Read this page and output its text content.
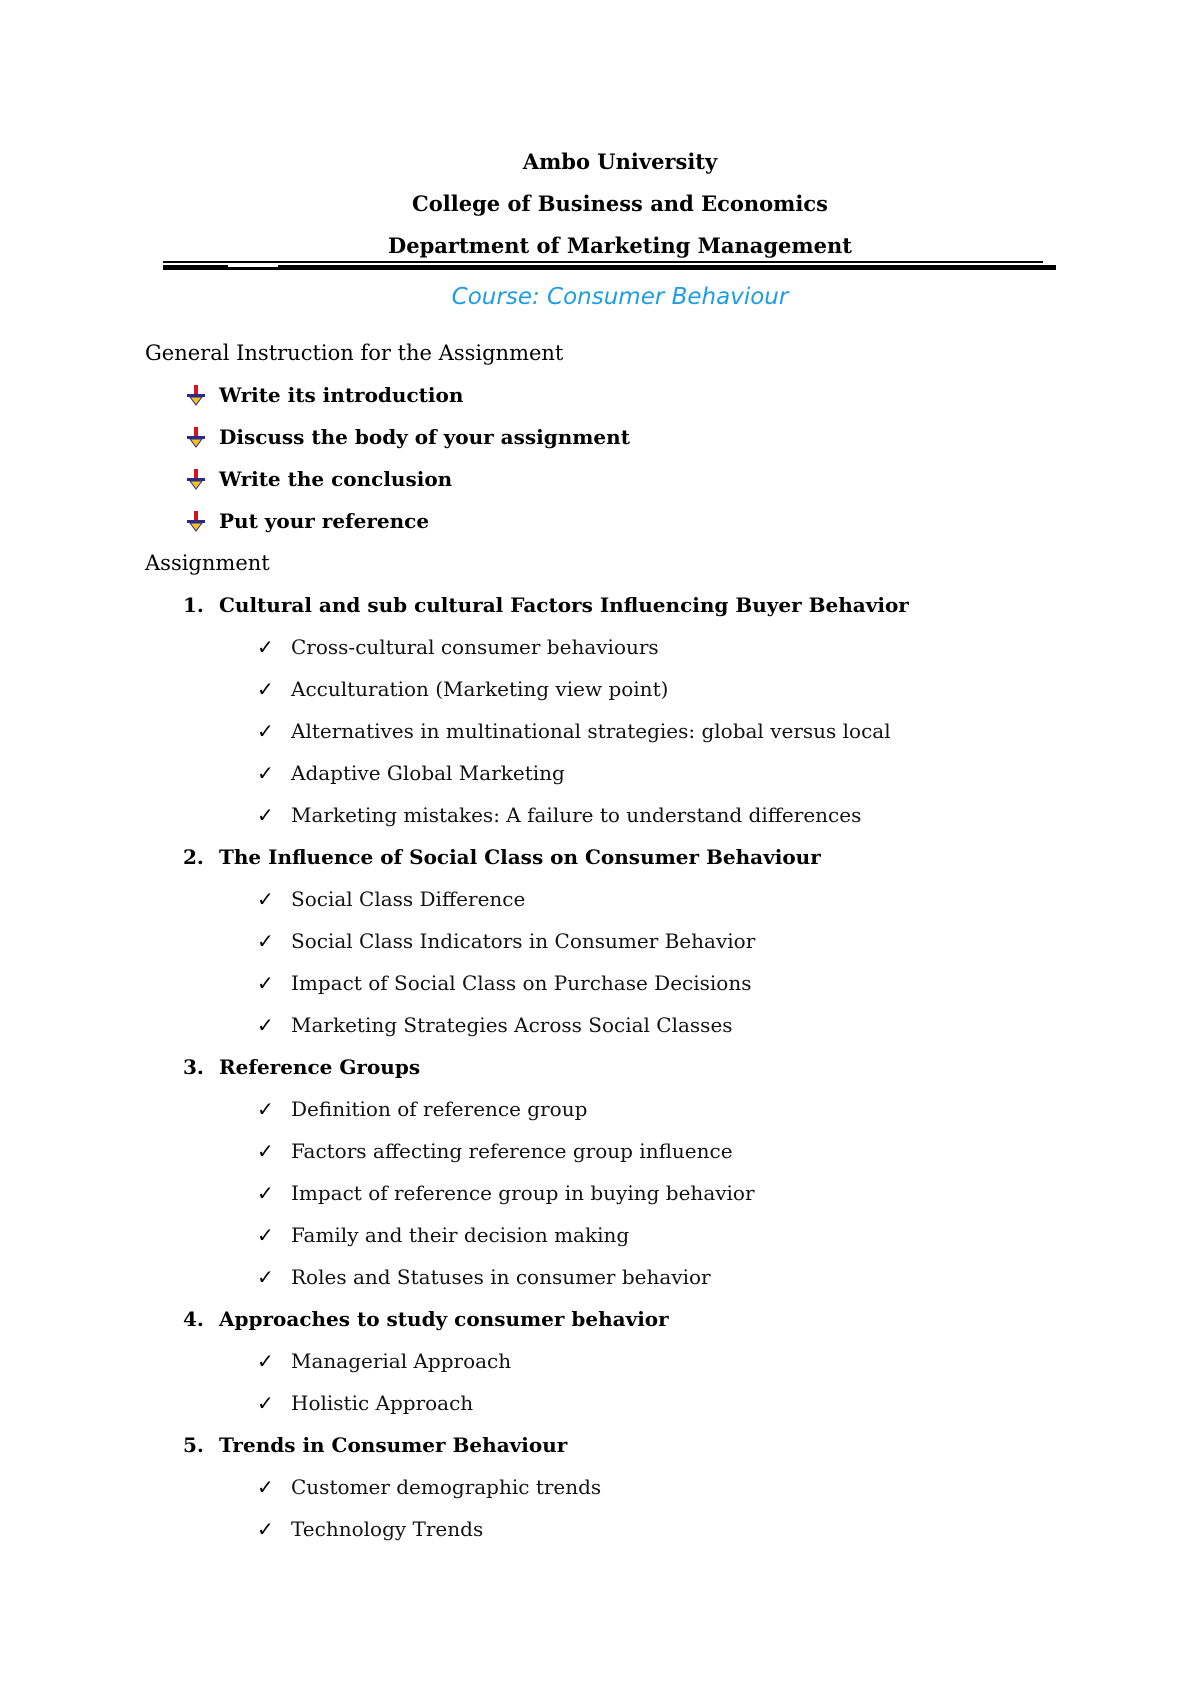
Ambo University

College of Business and Economics

Department of Marketing Management

Course: Consumer Behaviour
General Instruction for the Assignment
Write its introduction
Discuss the body of your assignment
Write the conclusion
Put your reference
Assignment
1. Cultural and sub cultural Factors Influencing Buyer Behavior
✓ Cross-cultural consumer behaviours
✓ Acculturation (Marketing view point)
✓ Alternatives in multinational strategies: global versus local
✓ Adaptive Global Marketing
✓ Marketing mistakes: A failure to understand differences
2. The Influence of Social Class on Consumer Behaviour
✓ Social Class Difference
✓ Social Class Indicators in Consumer Behavior
✓ Impact of Social Class on Purchase Decisions
✓ Marketing Strategies Across Social Classes
3. Reference Groups
✓ Definition of reference group
✓ Factors affecting reference group influence
✓ Impact of reference group in buying behavior
✓ Family and their decision making
✓ Roles and Statuses in consumer behavior
4. Approaches to study consumer behavior
✓ Managerial Approach
✓ Holistic Approach
5. Trends in Consumer Behaviour
✓ Customer demographic trends
✓ Technology Trends
